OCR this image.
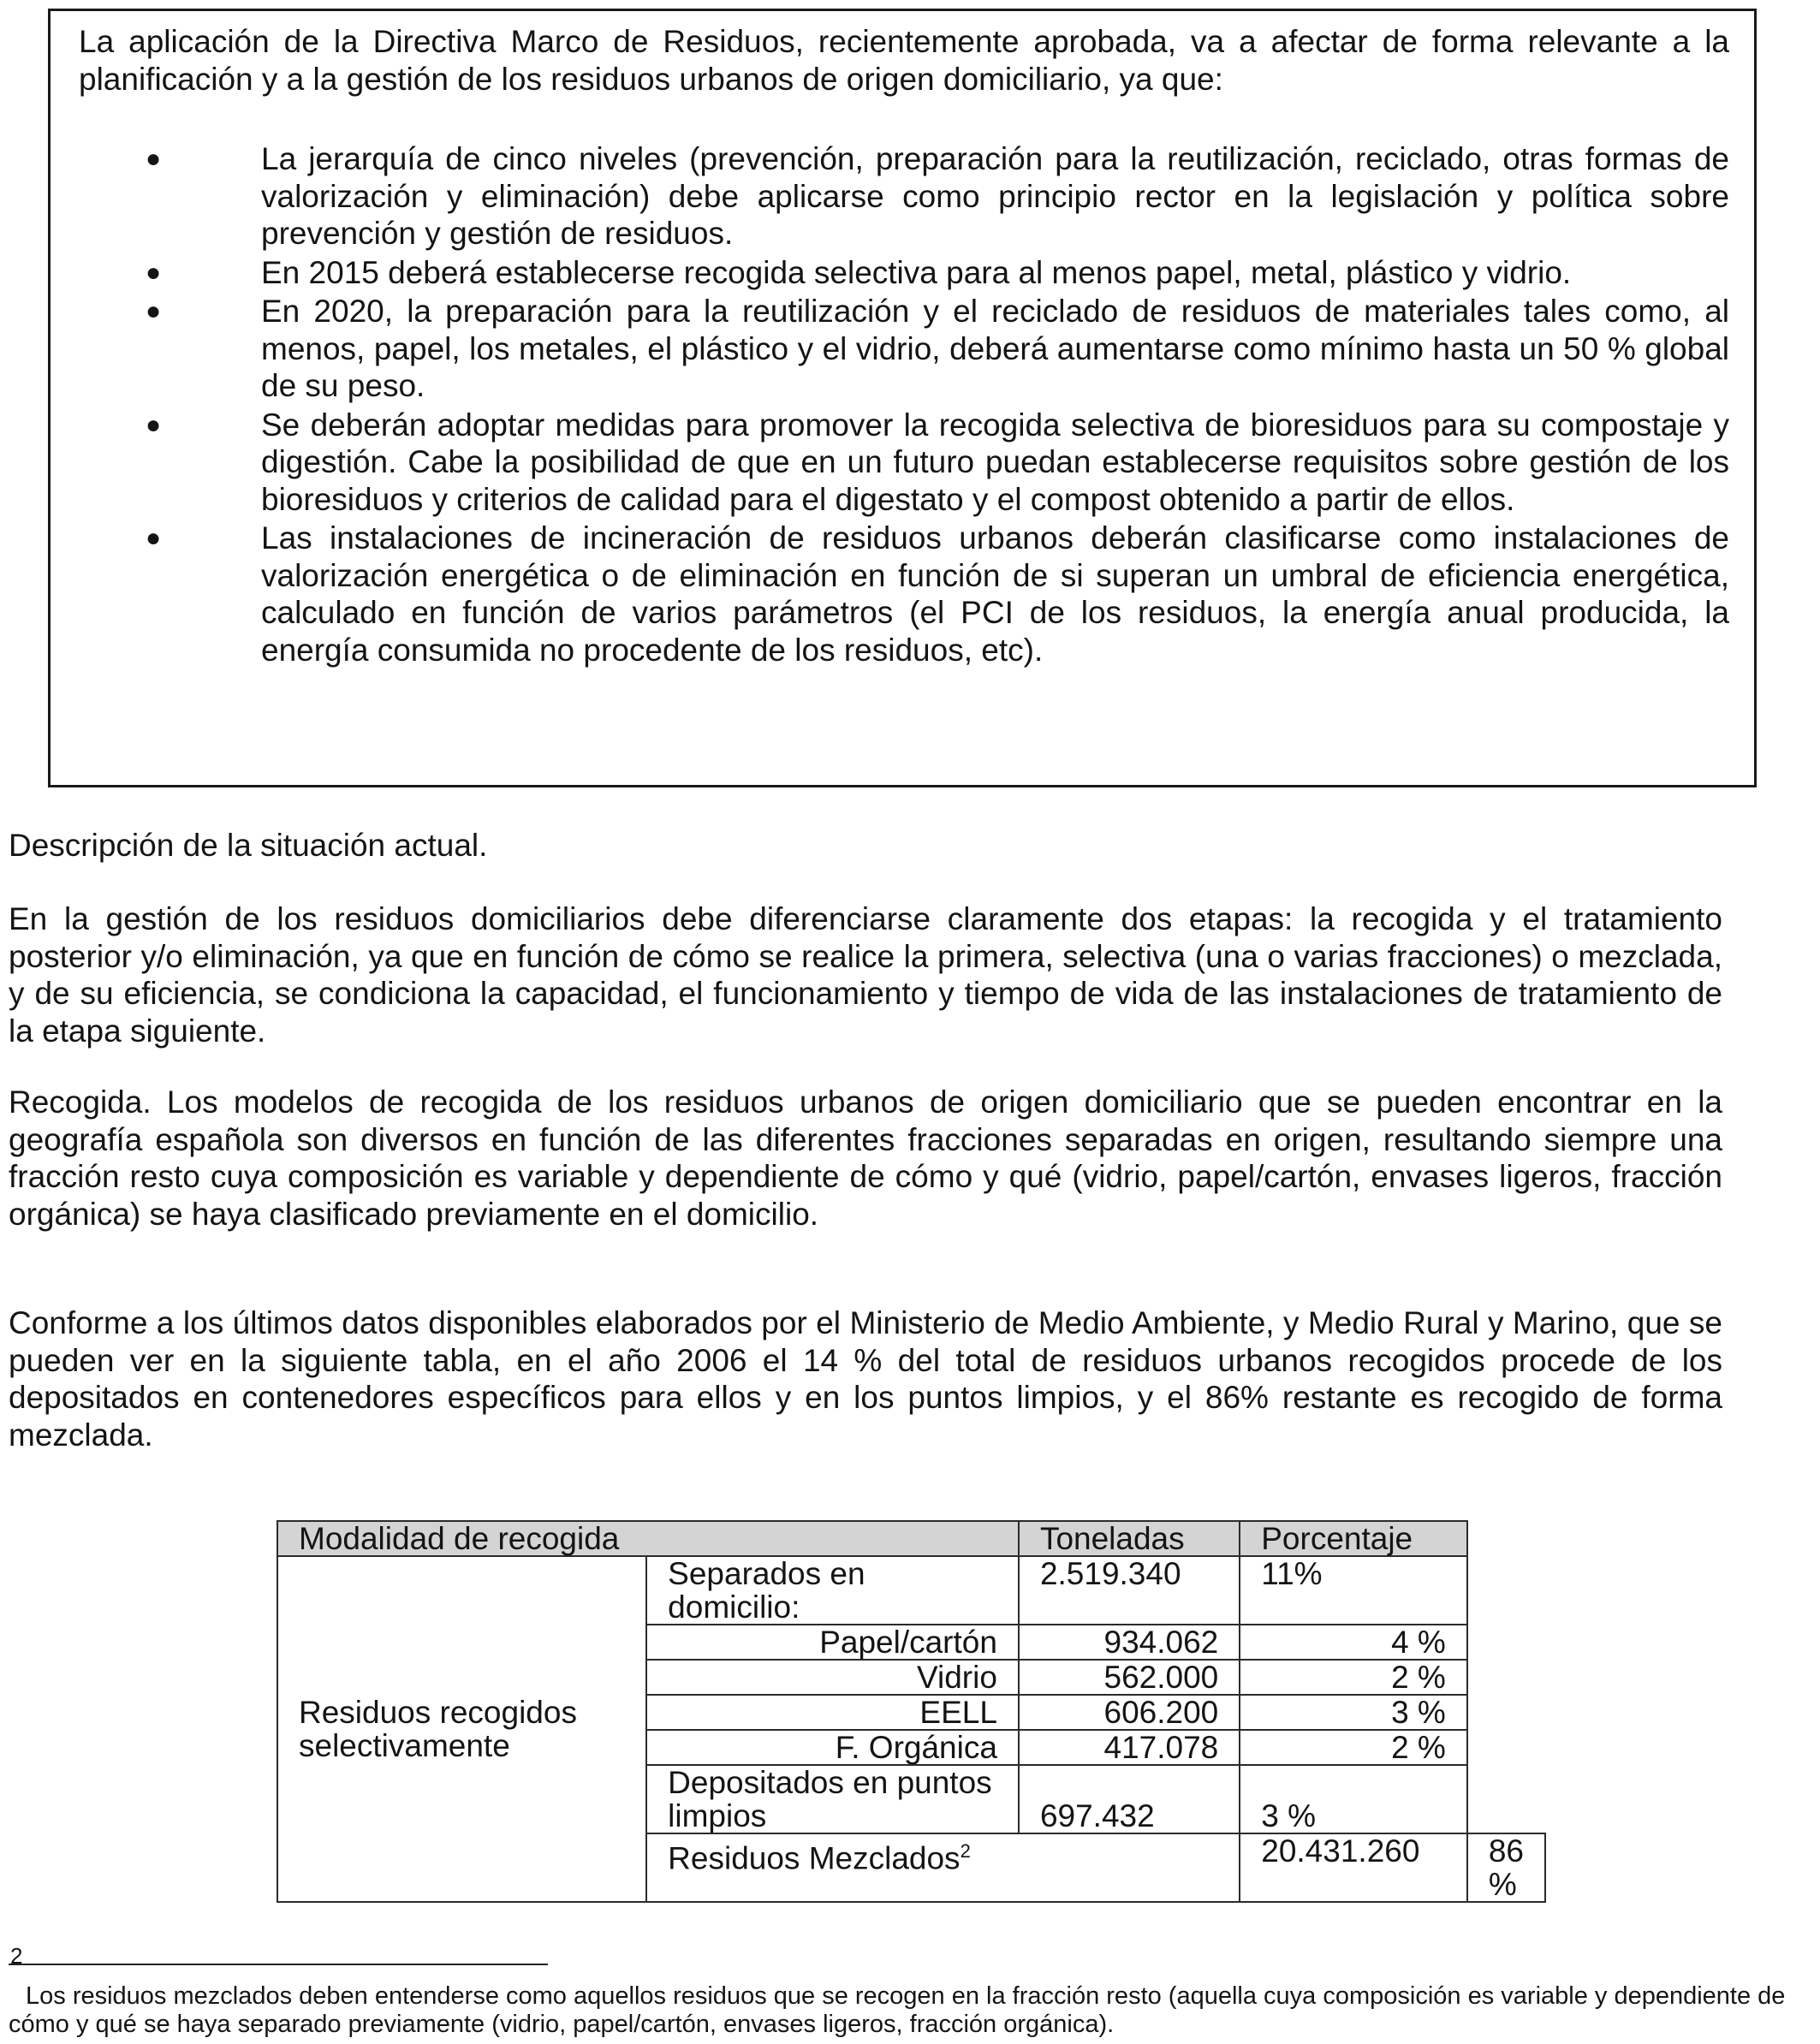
La aplicación de la Directiva Marco de Residuos, recientemente aprobada, va a afectar de forma relevante a la planificación y a la gestión de los residuos urbanos de origen domiciliario, ya que:

●	La jerarquía de cinco niveles (prevención, preparación para la reutilización, reciclado, otras formas de valorización y eliminación) debe aplicarse como principio rector en la legislación y política sobre prevención y gestión de residuos.
●	En 2015 deberá establecerse recogida selectiva para al menos papel, metal, plástico y vidrio.
●	En 2020, la preparación para la reutilización y el reciclado de residuos de materiales tales como, al menos, papel, los metales, el plástico y el vidrio, deberá aumentarse como mínimo hasta un 50 % global de su peso.
●	Se deberán adoptar medidas para promover la recogida selectiva de bioresiduos para su compostaje y digestión. Cabe la posibilidad de que en un futuro puedan establecerse requisitos sobre gestión de los bioresiduos y criterios de calidad para el digestato y el compost obtenido a partir de ellos.
●	Las instalaciones de incineración de residuos urbanos deberán clasificarse como instalaciones de valorización energética o de eliminación en función de si superan un umbral de eficiencia energética, calculado en función de varios parámetros (el PCI de los residuos, la energía anual producida, la energía consumida no procedente de los residuos, etc).

Descripción de la situación actual.

En la gestión de los residuos domiciliarios debe diferenciarse claramente dos etapas: la recogida y el tratamiento posterior y/o eliminación, ya que en función de cómo se realice la primera, selectiva (una o varias fracciones) o mezclada, y de su eficiencia, se condiciona la capacidad, el funcionamiento y tiempo de vida de las instalaciones de tratamiento de la etapa siguiente.

Recogida. Los modelos de recogida de los residuos urbanos de origen domiciliario que se pueden encontrar en la geografía española son diversos en función de las diferentes fracciones separadas en origen, resultando siempre una fracción resto cuya composición es variable y dependiente de cómo y qué (vidrio, papel/cartón, envases ligeros, fracción orgánica) se haya clasificado previamente en el domicilio.

Conforme a los últimos datos disponibles elaborados por el Ministerio de Medio Ambiente, y Medio Rural y Marino, que se pueden ver en la siguiente tabla, en el año 2006 el 14 % del total de residuos urbanos recogidos procede de los depositados en contenedores específicos para ellos y en los puntos limpios, y el 86% restante es recogido de forma mezclada.

Modalidad de recogida		Toneladas	Porcentaje	
Residuos recogidos selectivamente	Separados en domicilio:	2.519.340	11%	
	Papel/cartón	934.062	4 %	
	Vidrio	562.000	2 %	
	EELL	606.200	3 %	
	F. Orgánica	417.078	2 %	
	Depositados en puntos limpios	697.432	3 %	
	Residuos Mezclados$^2$		20.431.260	86 %
2

Los residuos mezclados deben entenderse como aquellos residuos que se recogen en la fracción resto (aquella cuya composición es variable y dependiente de cómo y qué se haya separado previamente (vidrio, papel/cartón, envases ligeros, fracción orgánica).
